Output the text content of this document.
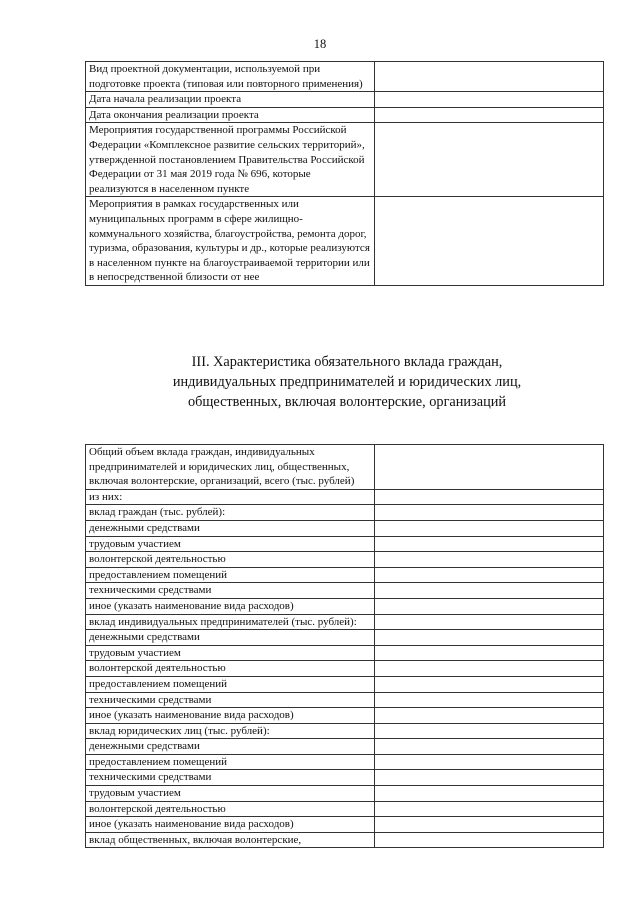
18
Вид проектной документации, используемой при подготовке проекта (типовая или повторного применения)	
Дата начала реализации проекта	
Дата окончания реализации проекта	
Мероприятия государственной программы Российской Федерации «Комплексное развитие сельских территорий», утвержденной постановлением Правительства Российской Федерации от 31 мая 2019 года № 696, которые реализуются в населенном пункте	
Мероприятия в рамках государственных или муниципальных программ в сфере жилищно-коммунального хозяйства, благоустройства, ремонта дорог, туризма, образования, культуры и др., которые реализуются в населенном пункте на благоустраиваемой территории или в непосредственной близости от нее	
III. Характеристика обязательного вклада граждан,
индивидуальных предпринимателей и юридических лиц,
общественных, включая волонтерские, организаций
Общий объем вклада граждан, индивидуальных предпринимателей и юридических лиц, общественных, включая волонтерские, организаций, всего (тыс. рублей)	
из них:	
вклад граждан (тыс. рублей):	
денежными средствами	
трудовым участием	
волонтерской деятельностью	
предоставлением помещений	
техническими средствами	
иное (указать наименование вида расходов)	
вклад индивидуальных предпринимателей (тыс. рублей):	
денежными средствами	
трудовым участием	
волонтерской деятельностью	
предоставлением помещений	
техническими средствами	
иное (указать наименование вида расходов)	
вклад юридических лиц (тыс. рублей):	
денежными средствами	
предоставлением помещений	
техническими средствами	
трудовым участием	
волонтерской деятельностью	
иное (указать наименование вида расходов)	
вклад общественных, включая волонтерские,	
